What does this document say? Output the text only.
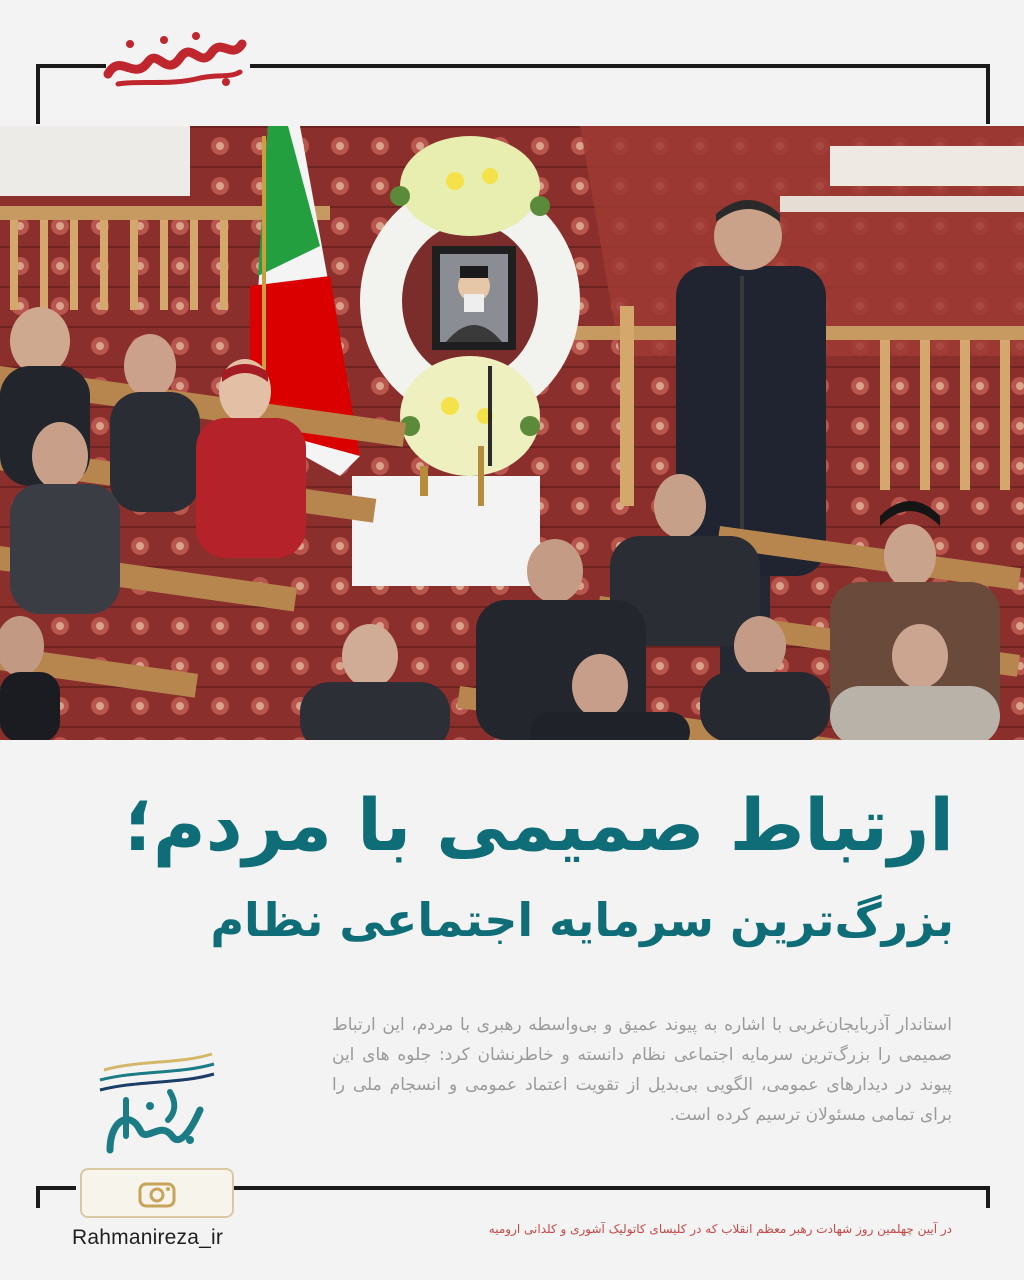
ارتباط صمیمی با مردم؛
بزرگ‌ترین سرمایه اجتماعی نظام
استاندار آذربایجان‌غربی با اشاره به پیوند عمیق و بی‌واسطه رهبری با مردم، این ارتباط صمیمی را بزرگ‌ترین سرمایه اجتماعی نظام دانسته و خاطرنشان کرد: جلوه های این پیوند در دیدارهای عمومی، الگویی بی‌بدیل از تقویت اعتماد عمومی و انسجام ملی را برای تمامی مسئولان ترسیم کرده است.
Rahmanireza_ir	در آیین چهلمین روز شهادت رهبر معظم انقلاب که در کلیسای کاتولیک آشوری و کلدانی ارومیه
